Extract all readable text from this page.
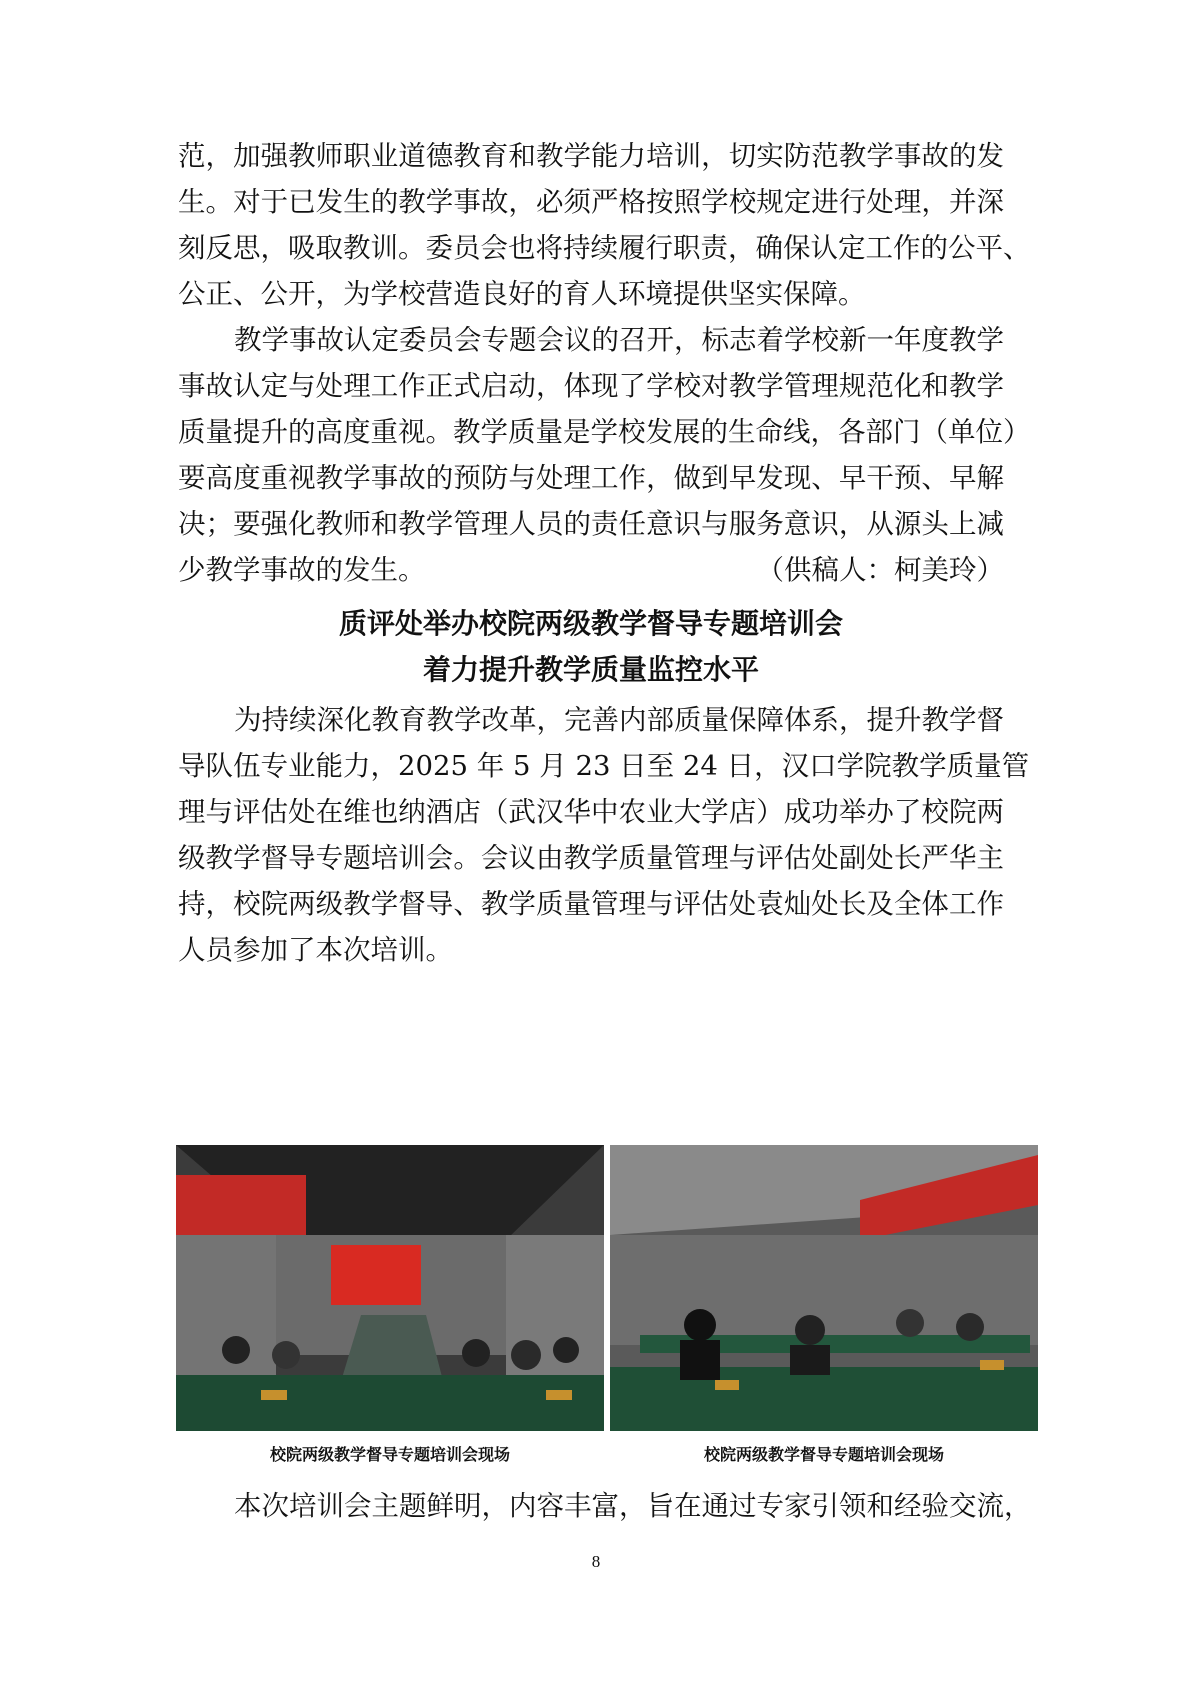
范，加强教师职业道德教育和教学能力培训，切实防范教学事故的发
生。对于已发生的教学事故，必须严格按照学校规定进行处理，并深
刻反思，吸取教训。委员会也将持续履行职责，确保认定工作的公平、
公正、公开，为学校营造良好的育人环境提供坚实保障。
教学事故认定委员会专题会议的召开，标志着学校新一年度教学
事故认定与处理工作正式启动，体现了学校对教学管理规范化和教学
质量提升的高度重视。教学质量是学校发展的生命线，各部门（单位）
要高度重视教学事故的预防与处理工作，做到早发现、早干预、早解
决；要强化教师和教学管理人员的责任意识与服务意识，从源头上减
少教学事故的发生。	（供稿人：柯美玲）
质评处举办校院两级教学督导专题培训会
着力提升教学质量监控水平
为持续深化教育教学改革，完善内部质量保障体系，提升教学督
导队伍专业能力，2025 年 5 月 23 日至 24 日，汉口学院教学质量管
理与评估处在维也纳酒店（武汉华中农业大学店）成功举办了校院两
级教学督导专题培训会。会议由教学质量管理与评估处副处长严华主
持，校院两级教学督导、教学质量管理与评估处袁灿处长及全体工作
人员参加了本次培训。
校院两级教学督导专题培训会现场	校院两级教学督导专题培训会现场
本次培训会主题鲜明，内容丰富，旨在通过专家引领和经验交流，
8
